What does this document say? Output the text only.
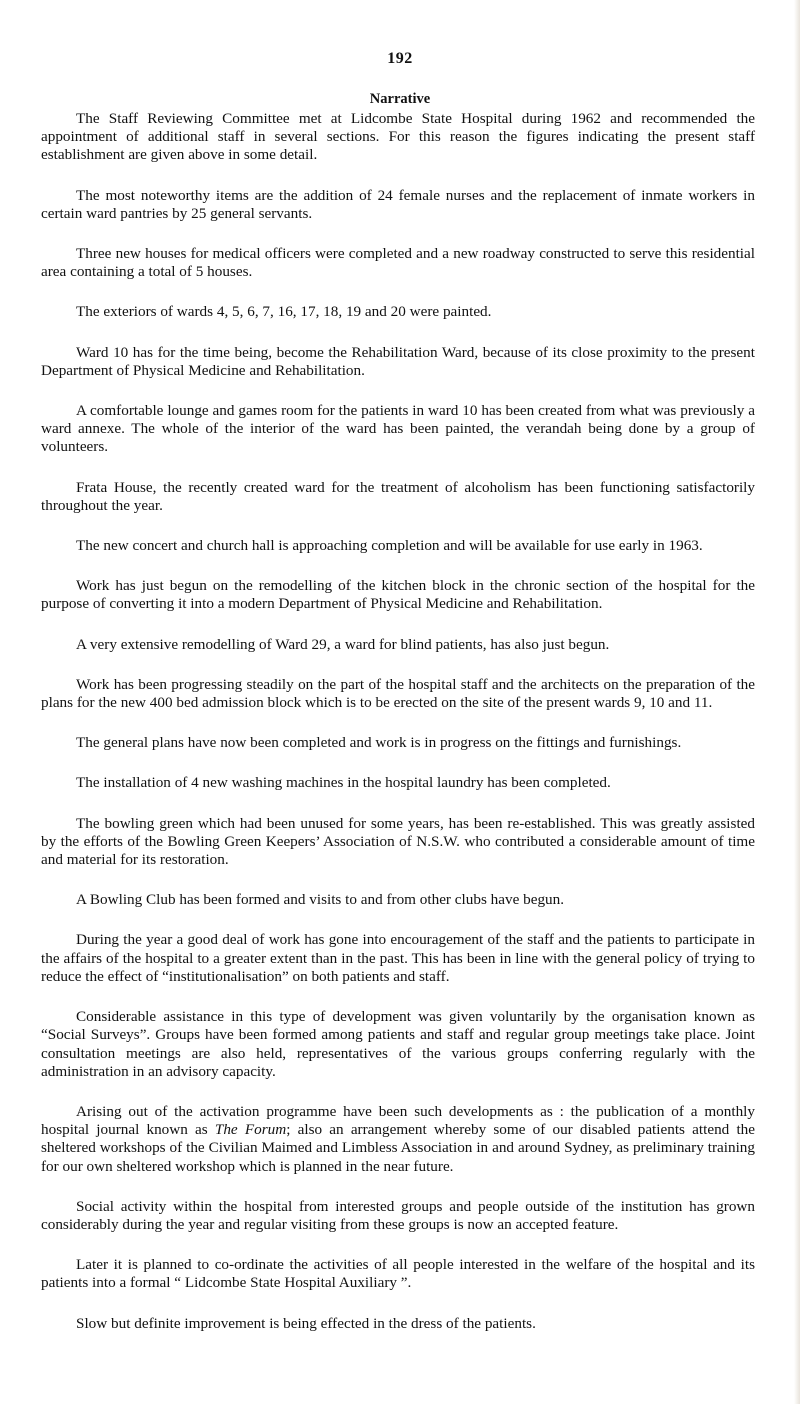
192
Narrative

The Staff Reviewing Committee met at Lidcombe State Hospital during 1962 and recommended the appointment of additional staff in several sections. For this reason the figures indicating the present staff establishment are given above in some detail.

The most noteworthy items are the addition of 24 female nurses and the replacement of inmate workers in certain ward pantries by 25 general servants.

Three new houses for medical officers were completed and a new roadway constructed to serve this residential area containing a total of 5 houses.

The exteriors of wards 4, 5, 6, 7, 16, 17, 18, 19 and 20 were painted.

Ward 10 has for the time being, become the Rehabilitation Ward, because of its close proximity to the present Department of Physical Medicine and Rehabilitation.

A comfortable lounge and games room for the patients in ward 10 has been created from what was previously a ward annexe. The whole of the interior of the ward has been painted, the verandah being done by a group of volunteers.

Frata House, the recently created ward for the treatment of alcoholism has been functioning satisfactorily throughout the year.

The new concert and church hall is approaching completion and will be available for use early in 1963.

Work has just begun on the remodelling of the kitchen block in the chronic section of the hospital for the purpose of converting it into a modern Department of Physical Medicine and Rehabilitation.

A very extensive remodelling of Ward 29, a ward for blind patients, has also just begun.

Work has been progressing steadily on the part of the hospital staff and the architects on the preparation of the plans for the new 400 bed admission block which is to be erected on the site of the present wards 9, 10 and 11.

The general plans have now been completed and work is in progress on the fittings and furnishings.

The installation of 4 new washing machines in the hospital laundry has been completed.

The bowling green which had been unused for some years, has been re-established. This was greatly assisted by the efforts of the Bowling Green Keepers’ Association of N.S.W. who contributed a considerable amount of time and material for its restoration.

A Bowling Club has been formed and visits to and from other clubs have begun.

During the year a good deal of work has gone into encouragement of the staff and the patients to participate in the affairs of the hospital to a greater extent than in the past. This has been in line with the general policy of trying to reduce the effect of “institutionalisation” on both patients and staff.

Considerable assistance in this type of development was given voluntarily by the organisation known as “Social Surveys”. Groups have been formed among patients and staff and regular group meetings take place. Joint consultation meetings are also held, representatives of the various groups conferring regularly with the administration in an advisory capacity.

Arising out of the activation programme have been such developments as : the publication of a monthly hospital journal known as The Forum; also an arrangement whereby some of our disabled patients attend the sheltered workshops of the Civilian Maimed and Limbless Association in and around Sydney, as preliminary training for our own sheltered workshop which is planned in the near future.

Social activity within the hospital from interested groups and people outside of the institution has grown considerably during the year and regular visiting from these groups is now an accepted feature.

Later it is planned to co-ordinate the activities of all people interested in the welfare of the hospital and its patients into a formal “ Lidcombe State Hospital Auxiliary ”.

Slow but definite improvement is being effected in the dress of the patients.
